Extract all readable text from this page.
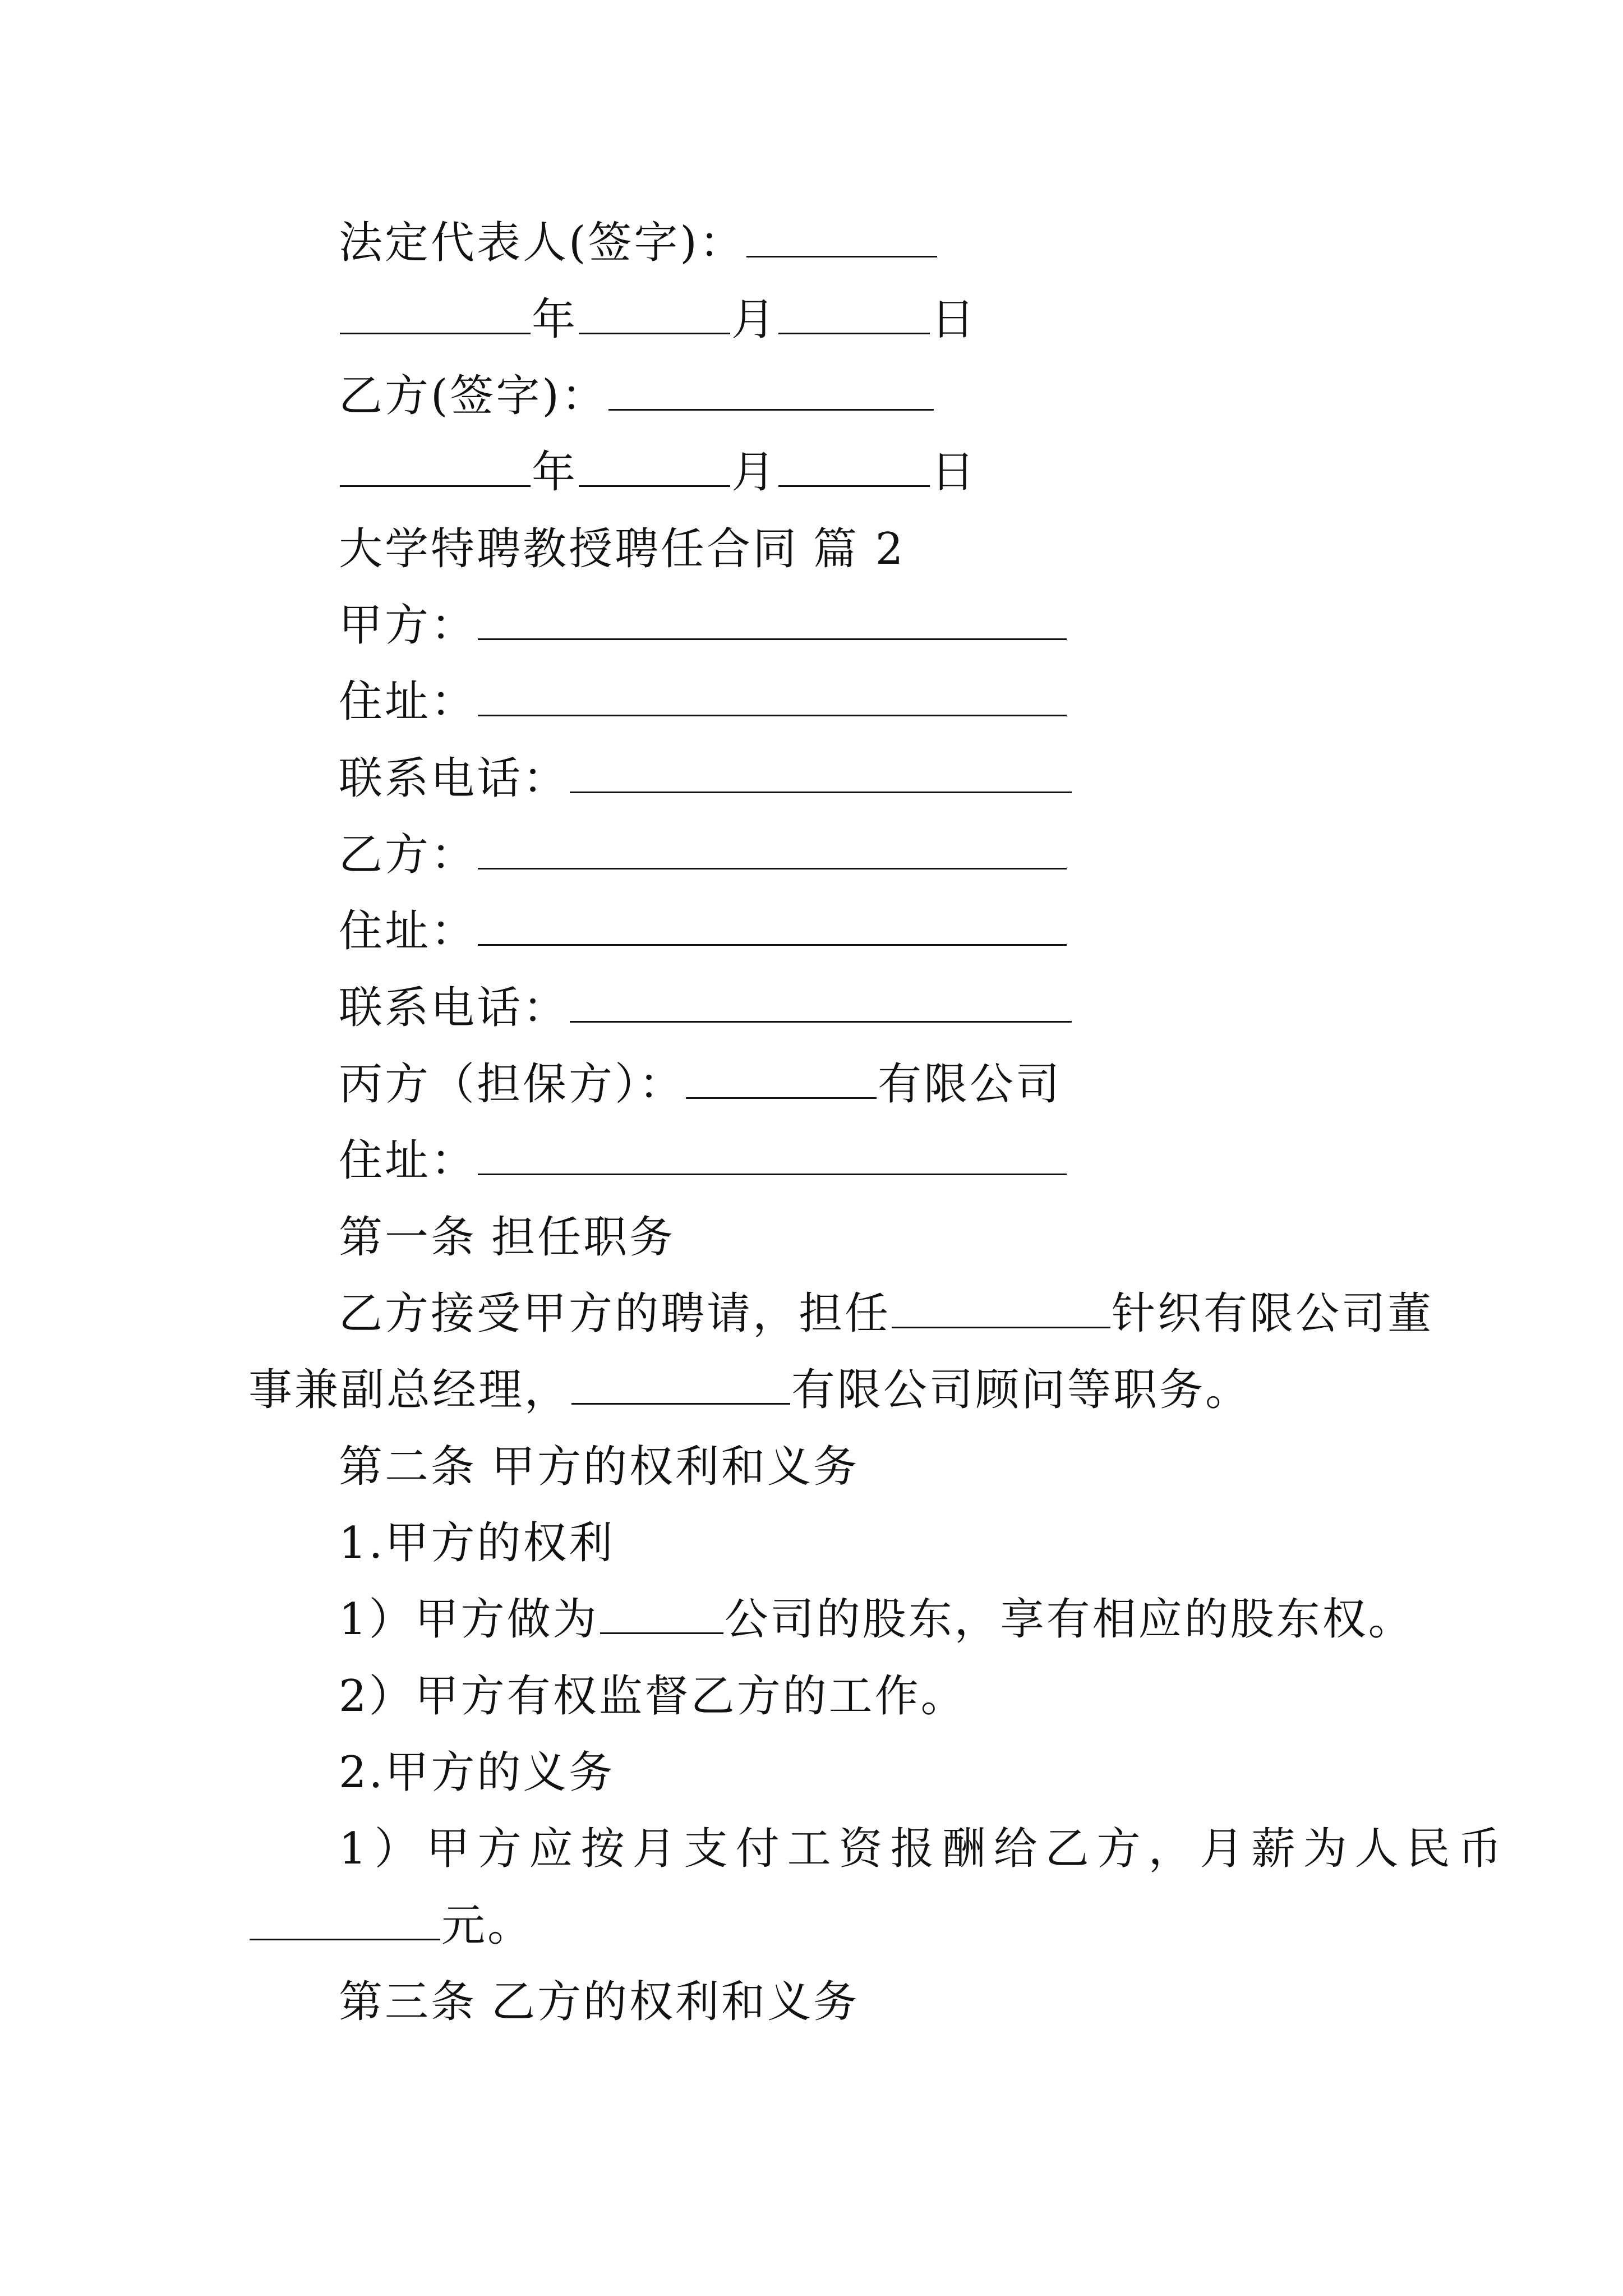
法定代表人(签字)：
年	月	日
乙方(签字)：
年	月	日
大学特聘教授聘任合同 篇 2
甲方：
住址：
联系电话：
乙方：
住址：
联系电话：
丙方（担保方）：	有限公司
住址：
第一条 担任职务
乙方接受甲方的聘请，担任	针织有限公司董
事兼副总经理，	有限公司顾问等职务。
第二条 甲方的权利和义务
1.甲方的权利
1）甲方做为	公司的股东，享有相应的股东权。
2）甲方有权监督乙方的工作。
2.甲方的义务
1）甲方应按月支付工资报酬给乙方，月薪为人民币
元。
第三条 乙方的权利和义务
